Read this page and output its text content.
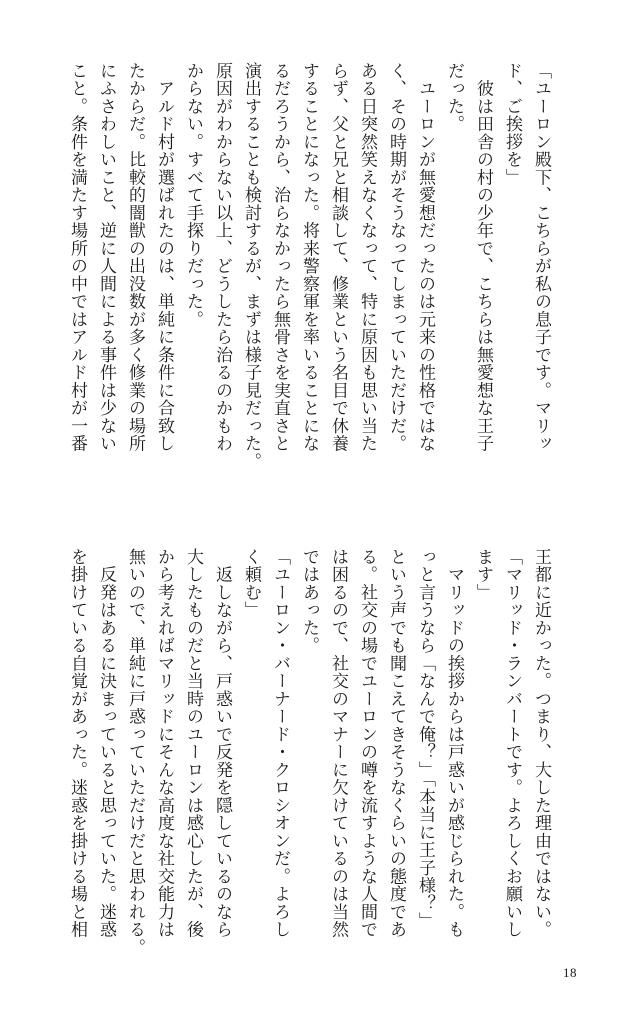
「ユーロン殿下、こちらが私の息子です。マリッ
ド、ご挨拶を」
　彼は田舎の村の少年で、こちらは無愛想な王子
だった。
　ユーロンが無愛想だったのは元来の性格ではな
く、その時期がそうなってしまっていただけだ。
ある日突然笑えなくなって、特に原因も思い当た
らず、父と兄と相談して、修業という名目で休養
することになった。将来警察軍を率いることにな
るだろうから、治らなかったら無骨さを実直さと
演出することも検討するが、まずは様子見だった。
原因がわからない以上、どうしたら治るのかもわ
からない。すべて手探りだった。
　アルド村が選ばれたのは、単純に条件に合致し
たからだ。比較的闇獣の出没数が多く修業の場所
にふさわしいこと、逆に人間による事件は少ない
こと。条件を満たす場所の中ではアルド村が一番
王都に近かった。つまり、大した理由ではない。
「マリッド・ランバートです。よろしくお願いし
ます」
　マリッドの挨拶からは戸惑いが感じられた。も
っと言うなら「なんで俺？」「本当に王子様？」
という声でも聞こえてきそうなくらいの態度であ
る。社交の場でユーロンの噂を流すような人間で
は困るので、社交のマナーに欠けているのは当然
ではあった。
「ユーロン・バーナード・クロシオンだ。よろし
く頼む」
　返しながら、戸惑いで反発を隠しているのなら
大したものだと当時のユーロンは感心したが、後
から考えればマリッドにそんな高度な社交能力は
無いので、単純に戸惑っていただけだと思われる。
　反発はあるに決まっていると思っていた。迷惑
を掛けている自覚があった。迷惑を掛ける場と相
18
